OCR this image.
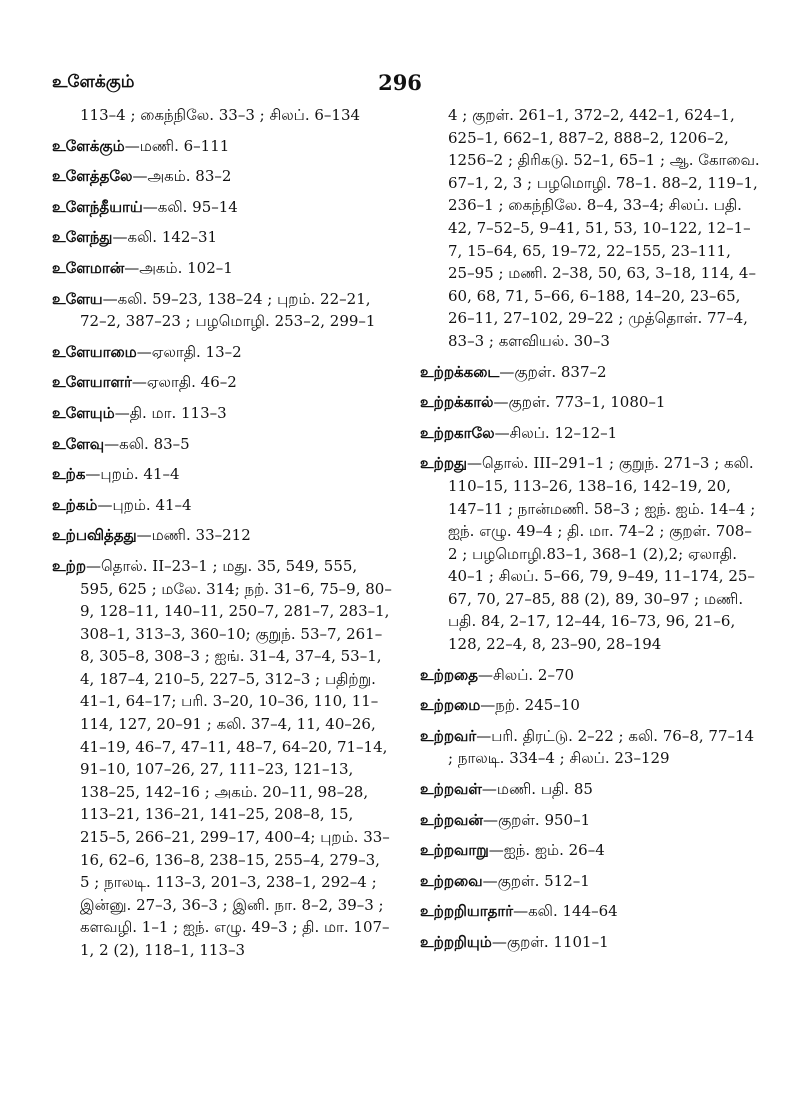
உளேக்கும்	296
113–4 ; கைந்நிலே. 33–3 ; சிலப். 6–134
உளேக்கும்—மணி. 6–111
உளேத்தலே—அகம். 83–2
உளேந்தீயாய்—கலி. 95–14
உளேந்து—கலி. 142–31
உளேமான்—அகம். 102–1
உளேய—கலி. 59–23, 138–24 ; புறம். 22–21, 72–2, 387–23 ; பழமொழி. 253–2, 299–1
உளேயாமை—ஏலாதி. 13–2
உளேயாளர்—ஏலாதி. 46–2
உளேயும்—தி. மா. 113–3
உளேவு—கலி. 83–5
உற்க—புறம். 41–4
உற்கம்—புறம். 41–4
உற்பவித்தது—மணி. 33–212
உற்ற—தொல். II–23–1 ; மது. 35, 549, 555, 595, 625 ; மலே. 314; நற். 31–6, 75–9, 80–9, 128–11, 140–11, 250–7, 281–7, 283–1, 308–1, 313–3, 360–10; குறுந். 53–7, 261–8, 305–8, 308–3 ; ஐங். 31–4, 37–4, 53–1, 4, 187–4, 210–5, 227–5, 312–3 ; பதிற்று. 41–1, 64–17; பரி. 3–20, 10–36, 110, 11–114, 127, 20–91 ; கலி. 37–4, 11, 40–26, 41–19, 46–7, 47–11, 48–7, 64–20, 71–14, 91–10, 107–26, 27, 111–23, 121–13, 138–25, 142–16 ; அகம். 20–11, 98–28, 113–21, 136–21, 141–25, 208–8, 15, 215–5, 266–21, 299–17, 400–4; புறம். 33–16, 62–6, 136–8, 238–15, 255–4, 279–3, 5 ; நாலடி. 113–3, 201–3, 238–1, 292–4 ; இன்னு. 27–3, 36–3 ; இனி. நா. 8–2, 39–3 ; களவழி. 1–1 ; ஐந். எழு. 49–3 ; தி. மா. 107–1, 2 (2), 118–1, 113–3
4 ; குறள். 261–1, 372–2, 442–1, 624–1, 625–1, 662–1, 887–2, 888–2, 1206–2, 1256–2 ; திரிகடு. 52–1, 65–1 ; ஆ. கோவை. 67–1, 2, 3 ; பழமொழி. 78–1. 88–2, 119–1, 236–1 ; கைந்நிலே. 8–4, 33–4; சிலப். பதி. 42, 7–52–5, 9–41, 51, 53, 10–122, 12–1–7, 15–64, 65, 19–72, 22–155, 23–111, 25–95 ; மணி. 2–38, 50, 63, 3–18, 114, 4–60, 68, 71, 5–66, 6–188, 14–20, 23–65, 26–11, 27–102, 29–22 ; முத்தொள். 77–4, 83–3 ; களவியல். 30–3
உற்றக்கடை—குறள். 837–2
உற்றக்கால்—குறள். 773–1, 1080–1
உற்றகாலே—சிலப். 12–12–1
உற்றது—தொல். III–291–1 ; குறுந். 271–3 ; கலி. 110–15, 113–26, 138–16, 142–19, 20, 147–11 ; நான்மணி. 58–3 ; ஐந். ஐம். 14–4 ; ஐந். எழு. 49–4 ; தி. மா. 74–2 ; குறள். 708–2 ; பழமொழி.83–1, 368–1 (2),2; ஏலாதி. 40–1 ; சிலப். 5–66, 79, 9–49, 11–174, 25–67, 70, 27–85, 88 (2), 89, 30–97 ; மணி. பதி. 84, 2–17, 12–44, 16–73, 96, 21–6, 128, 22–4, 8, 23–90, 28–194
உற்றதை—சிலப். 2–70
உற்றமை—நற். 245–10
உற்றவர்—பரி. திரட்டு. 2–22 ; கலி. 76–8, 77–14 ; நாலடி. 334–4 ; சிலப். 23–129
உற்றவள்—மணி. பதி. 85
உற்றவன்—குறள். 950–1
உற்றவாறு—ஐந். ஐம். 26–4
உற்றவை—குறள். 512–1
உற்றறியாதார்—கலி. 144–64
உற்றறியும்—குறள். 1101–1
